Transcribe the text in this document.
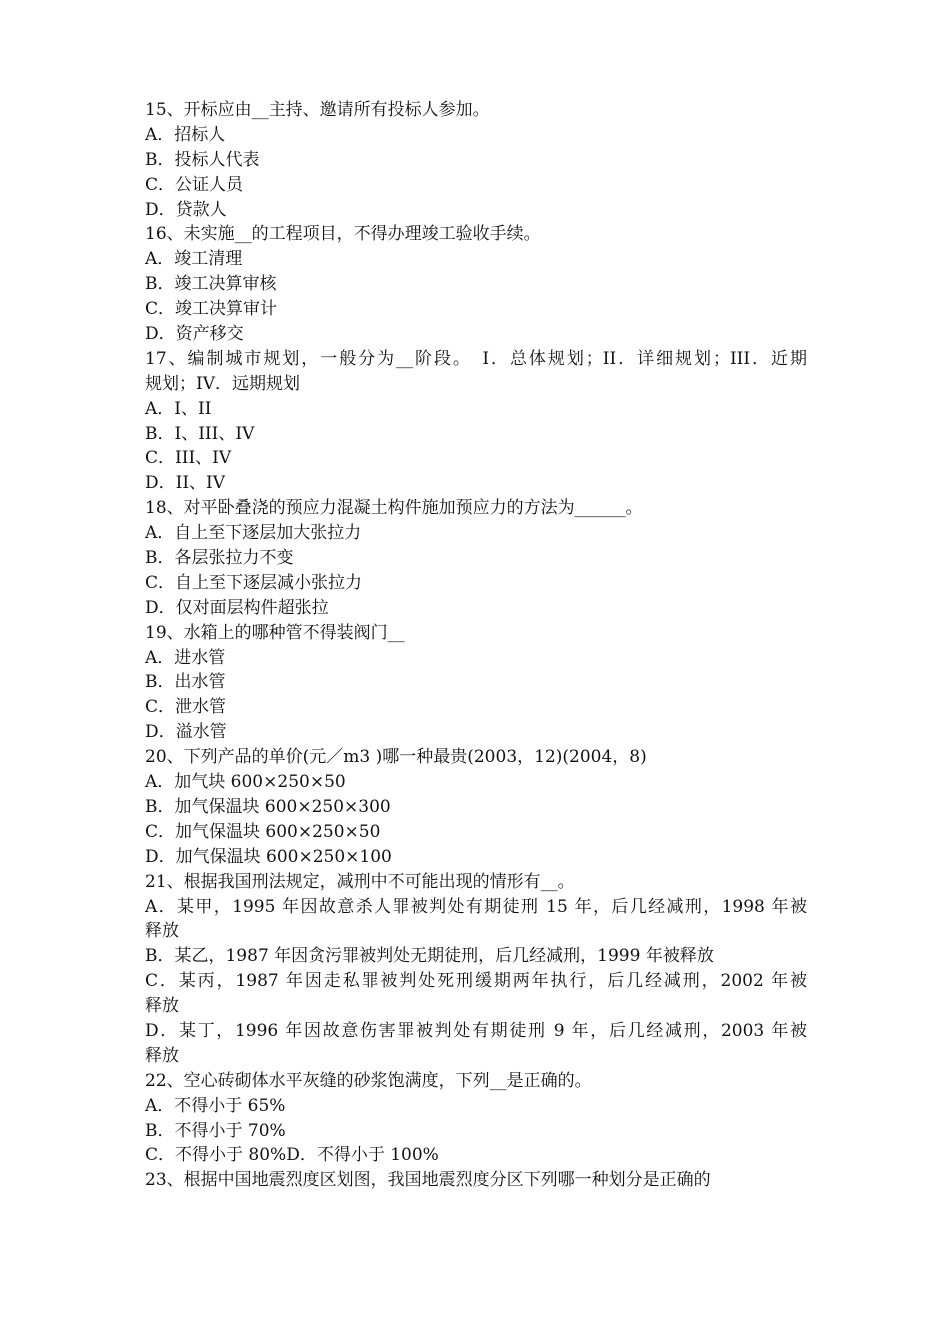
15、开标应由__主持、邀请所有投标人参加。
A．招标人
B．投标人代表
C．公证人员
D．贷款人
16、未实施__的工程项目，不得办理竣工验收手续。
A．竣工清理
B．竣工决算审核
C．竣工决算审计
D．资产移交
17、编制城市规划，一般分为__阶段。　I．总体规划；II．详细规划；III．近期
规划；IV．远期规划
A．I、II
B．I、III、IV
C．III、IV
D．II、IV
18、对平卧叠浇的预应力混凝土构件施加预应力的方法为______。
A．自上至下逐层加大张拉力
B．各层张拉力不变
C．自上至下逐层减小张拉力
D．仅对面层构件超张拉
19、水箱上的哪种管不得装阀门__
A．进水管
B．出水管
C．泄水管
D．溢水管
20、下列产品的单价(元／m3 )哪一种最贵(2003，12)(2004，8)
A．加气块 600×250×50
B．加气保温块 600×250×300
C．加气保温块 600×250×50
D．加气保温块 600×250×100
21、根据我国刑法规定，减刑中不可能出现的情形有__。
A．某甲，1995 年因故意杀人罪被判处有期徒刑 15 年，后几经减刑，1998 年被
释放
B．某乙，1987 年因贪污罪被判处无期徒刑，后几经减刑，1999 年被释放
C．某丙，1987 年因走私罪被判处死刑缓期两年执行，后几经减刑，2002 年被
释放
D．某丁，1996 年因故意伤害罪被判处有期徒刑 9 年，后几经减刑，2003 年被
释放
22、空心砖砌体水平灰缝的砂浆饱满度，下列__是正确的。
A．不得小于 65%
B．不得小于 70%
C．不得小于 80%D．不得小于 100%
23、根据中国地震烈度区划图，我国地震烈度分区下列哪一种划分是正确的
